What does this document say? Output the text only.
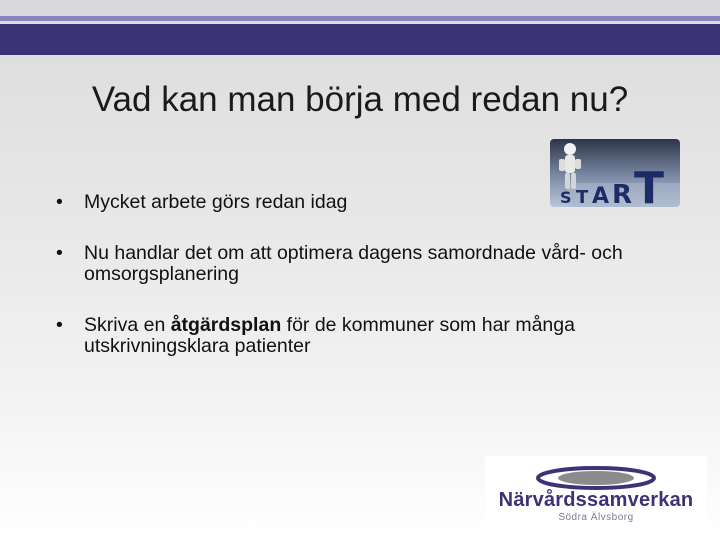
Vad kan man börja med redan nu?
S T A R T
• Mycket arbete görs redan idag
• Nu handlar det om att optimera dagens samordnade vård- och omsorgsplanering
• Skriva en åtgärdsplan för de kommuner som har många utskrivningsklara patienter
Närvårdssamverkan
Södra Älvsborg
